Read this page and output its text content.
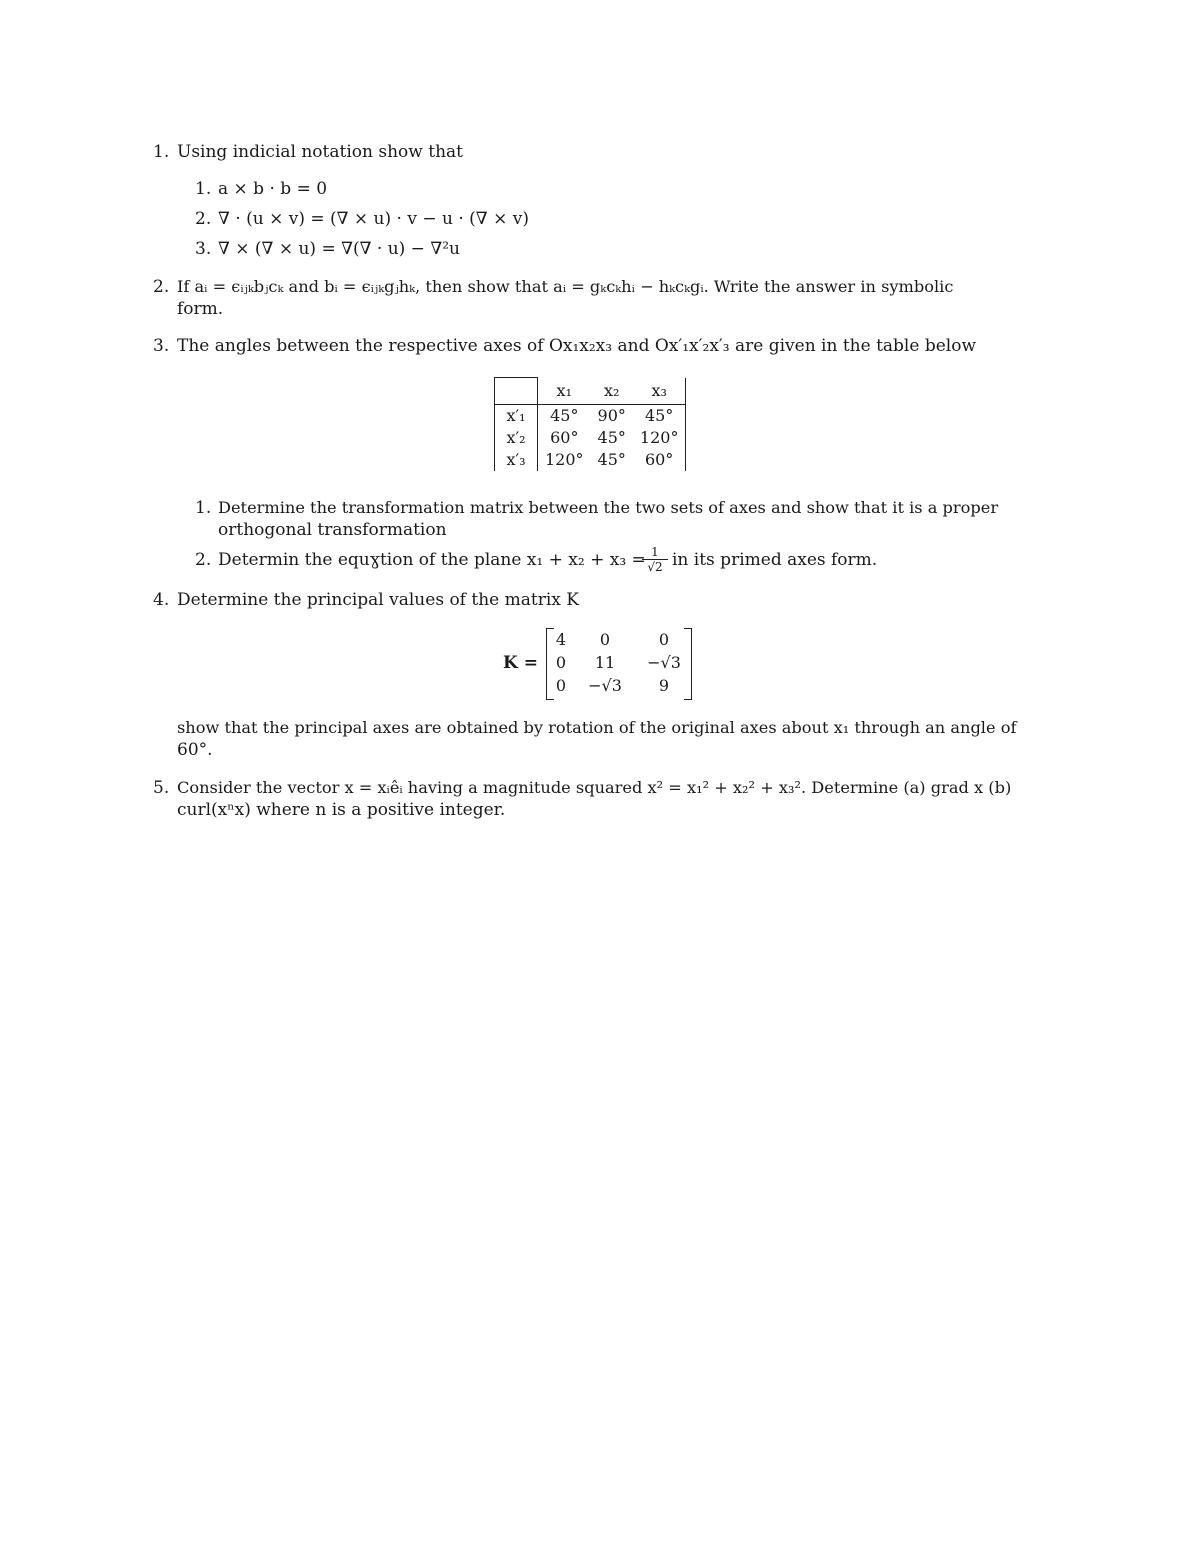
1. Using indicial notation show that
1. a × b · b = 0
2. ∇ · (u × v) = (∇ × u) · v − u · (∇ × v)
3. ∇ × (∇ × u) = ∇(∇ · u) − ∇²u
2. If aᵢ = ϵᵢⱼₖbⱼcₖ and bᵢ = ϵᵢⱼₖgⱼhₖ, then show that aᵢ = gₖcₖhᵢ − hₖcₖgᵢ. Write the answer in symbolic
form.
3. The angles between the respective axes of Ox₁x₂x₃ and Ox′₁x′₂x′₃ are given in the table below
	x₁	x₂	x₃
x′₁	45°	90°	45°
x′₂	60°	45°	120°
x′₃	120°	45°	60°
1. Determine the transformation matrix between the two sets of axes and show that it is a proper
orthogonal transformation
2. Determin the equɣtion of the plane x₁ + x₂ + x₃ =
$\frac{1}{√2}$ in its primed axes form.
4. Determine the principal values of the matrix K
K =
4	0	0
0	11	−√3
0 −√3	9
show that the principal axes are obtained by rotation of the original axes about x₁ through an angle of
60°.
5. Consider the vector x = xᵢêᵢ having a magnitude squared x² = x₁² + x₂² + x₃². Determine (a) grad x (b)
curl(xⁿx) where n is a positive integer.
